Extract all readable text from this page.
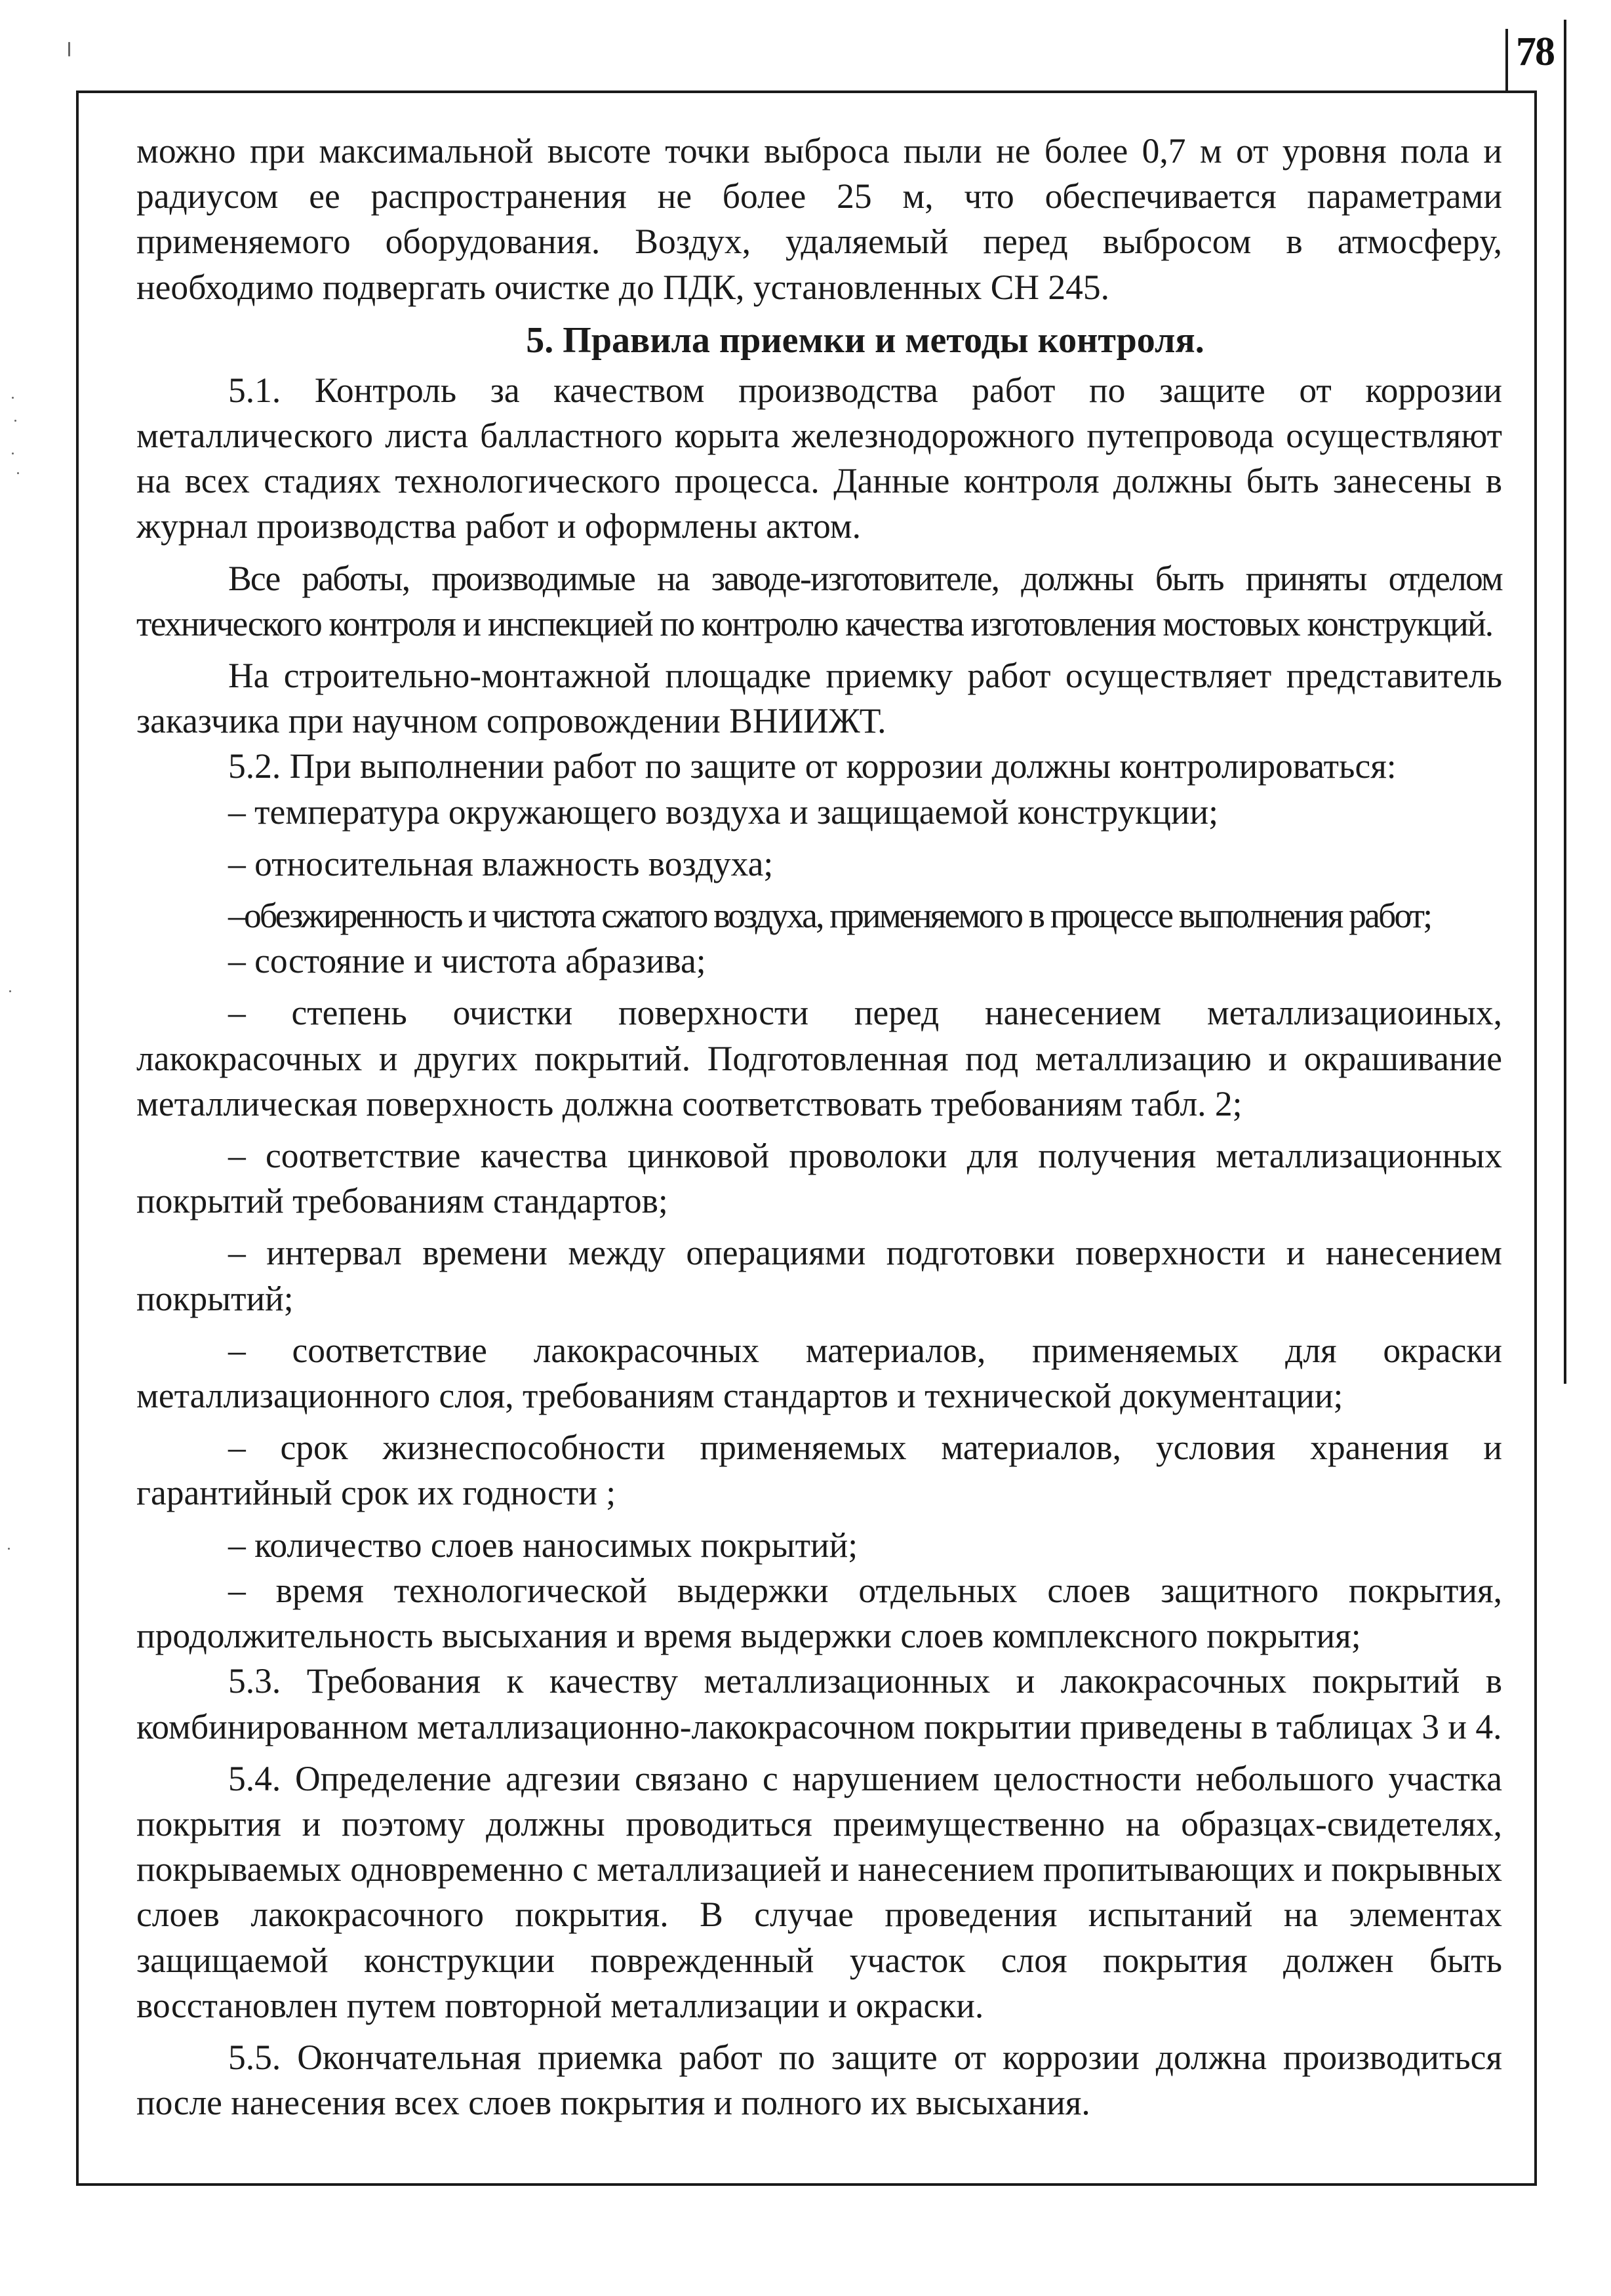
78

можно при максимальной высоте точки выброса пыли не более 0,7 м от уровня пола и радиусом ее распространения не более 25 м, что обеспечивается параметрами применяемого оборудования. Воздух, удаляемый перед выбросом в атмосферу, необходимо подвергать очистке до ПДК, установленных СН 245.

5. Правила приемки и методы контроля.

5.1. Контроль за качеством производства работ по защите от коррозии металлического листа балластного корыта железнодорожного путепровода осуществляют на всех стадиях технологического процесса. Данные контроля должны быть занесены в журнал производства работ и оформлены актом.

Все работы, производимые на заводе-изготовителе, должны быть приняты отделом технического контроля и инспекцией по контролю качества изготовления мостовых конструкций.

На строительно-монтажной площадке приемку работ осуществляет представитель заказчика при научном сопровождении ВНИИЖТ.

5.2. При выполнении работ по защите от коррозии должны контролироваться:

– температура окружающего воздуха и защищаемой конструкции;

– относительная влажность воздуха;

–обезжиренность и чистота сжатого воздуха, применяемого в процессе выполнения работ;

– состояние и чистота абразива;

– степень очистки поверхности перед нанесением металлизациоиных, лакокрасочных и других покрытий. Подготовленная под металлизацию и окрашивание металлическая поверхность должна соответствовать требованиям табл. 2;

– соответствие качества цинковой проволоки для получения металлизационных покрытий требованиям стандартов;

– интервал времени между операциями подготовки поверхности и нанесением покрытий;

– соответствие лакокрасочных материалов, применяемых для окраски металлизационного слоя, требованиям стандартов и технической документации;

– срок жизнеспособности применяемых материалов, условия хранения и гарантийный срок их годности ;

– количество слоев наносимых покрытий;

– время технологической выдержки отдельных слоев защитного покрытия, продолжительность высыхания и время выдержки слоев комплексного покрытия;

5.3. Требования к качеству металлизационных и лакокрасочных покрытий в комбинированном металлизационно-лакокрасочном покрытии приведены в таблицах 3 и 4.

5.4. Определение адгезии связано с нарушением целостности небольшого участка покрытия и поэтому должны проводиться преимущественно на образцах-свидетелях, покрываемых одновременно с металлизацией и нанесением пропитывающих и покрывных слоев лакокрасочного покрытия. В случае проведения испытаний на элементах защищаемой конструкции поврежденный участок слоя покрытия должен быть восстановлен путем повторной металлизации и окраски.

5.5. Окончательная приемка работ по защите от коррозии должна производиться после нанесения всех слоев покрытия и полного их высыхания.
